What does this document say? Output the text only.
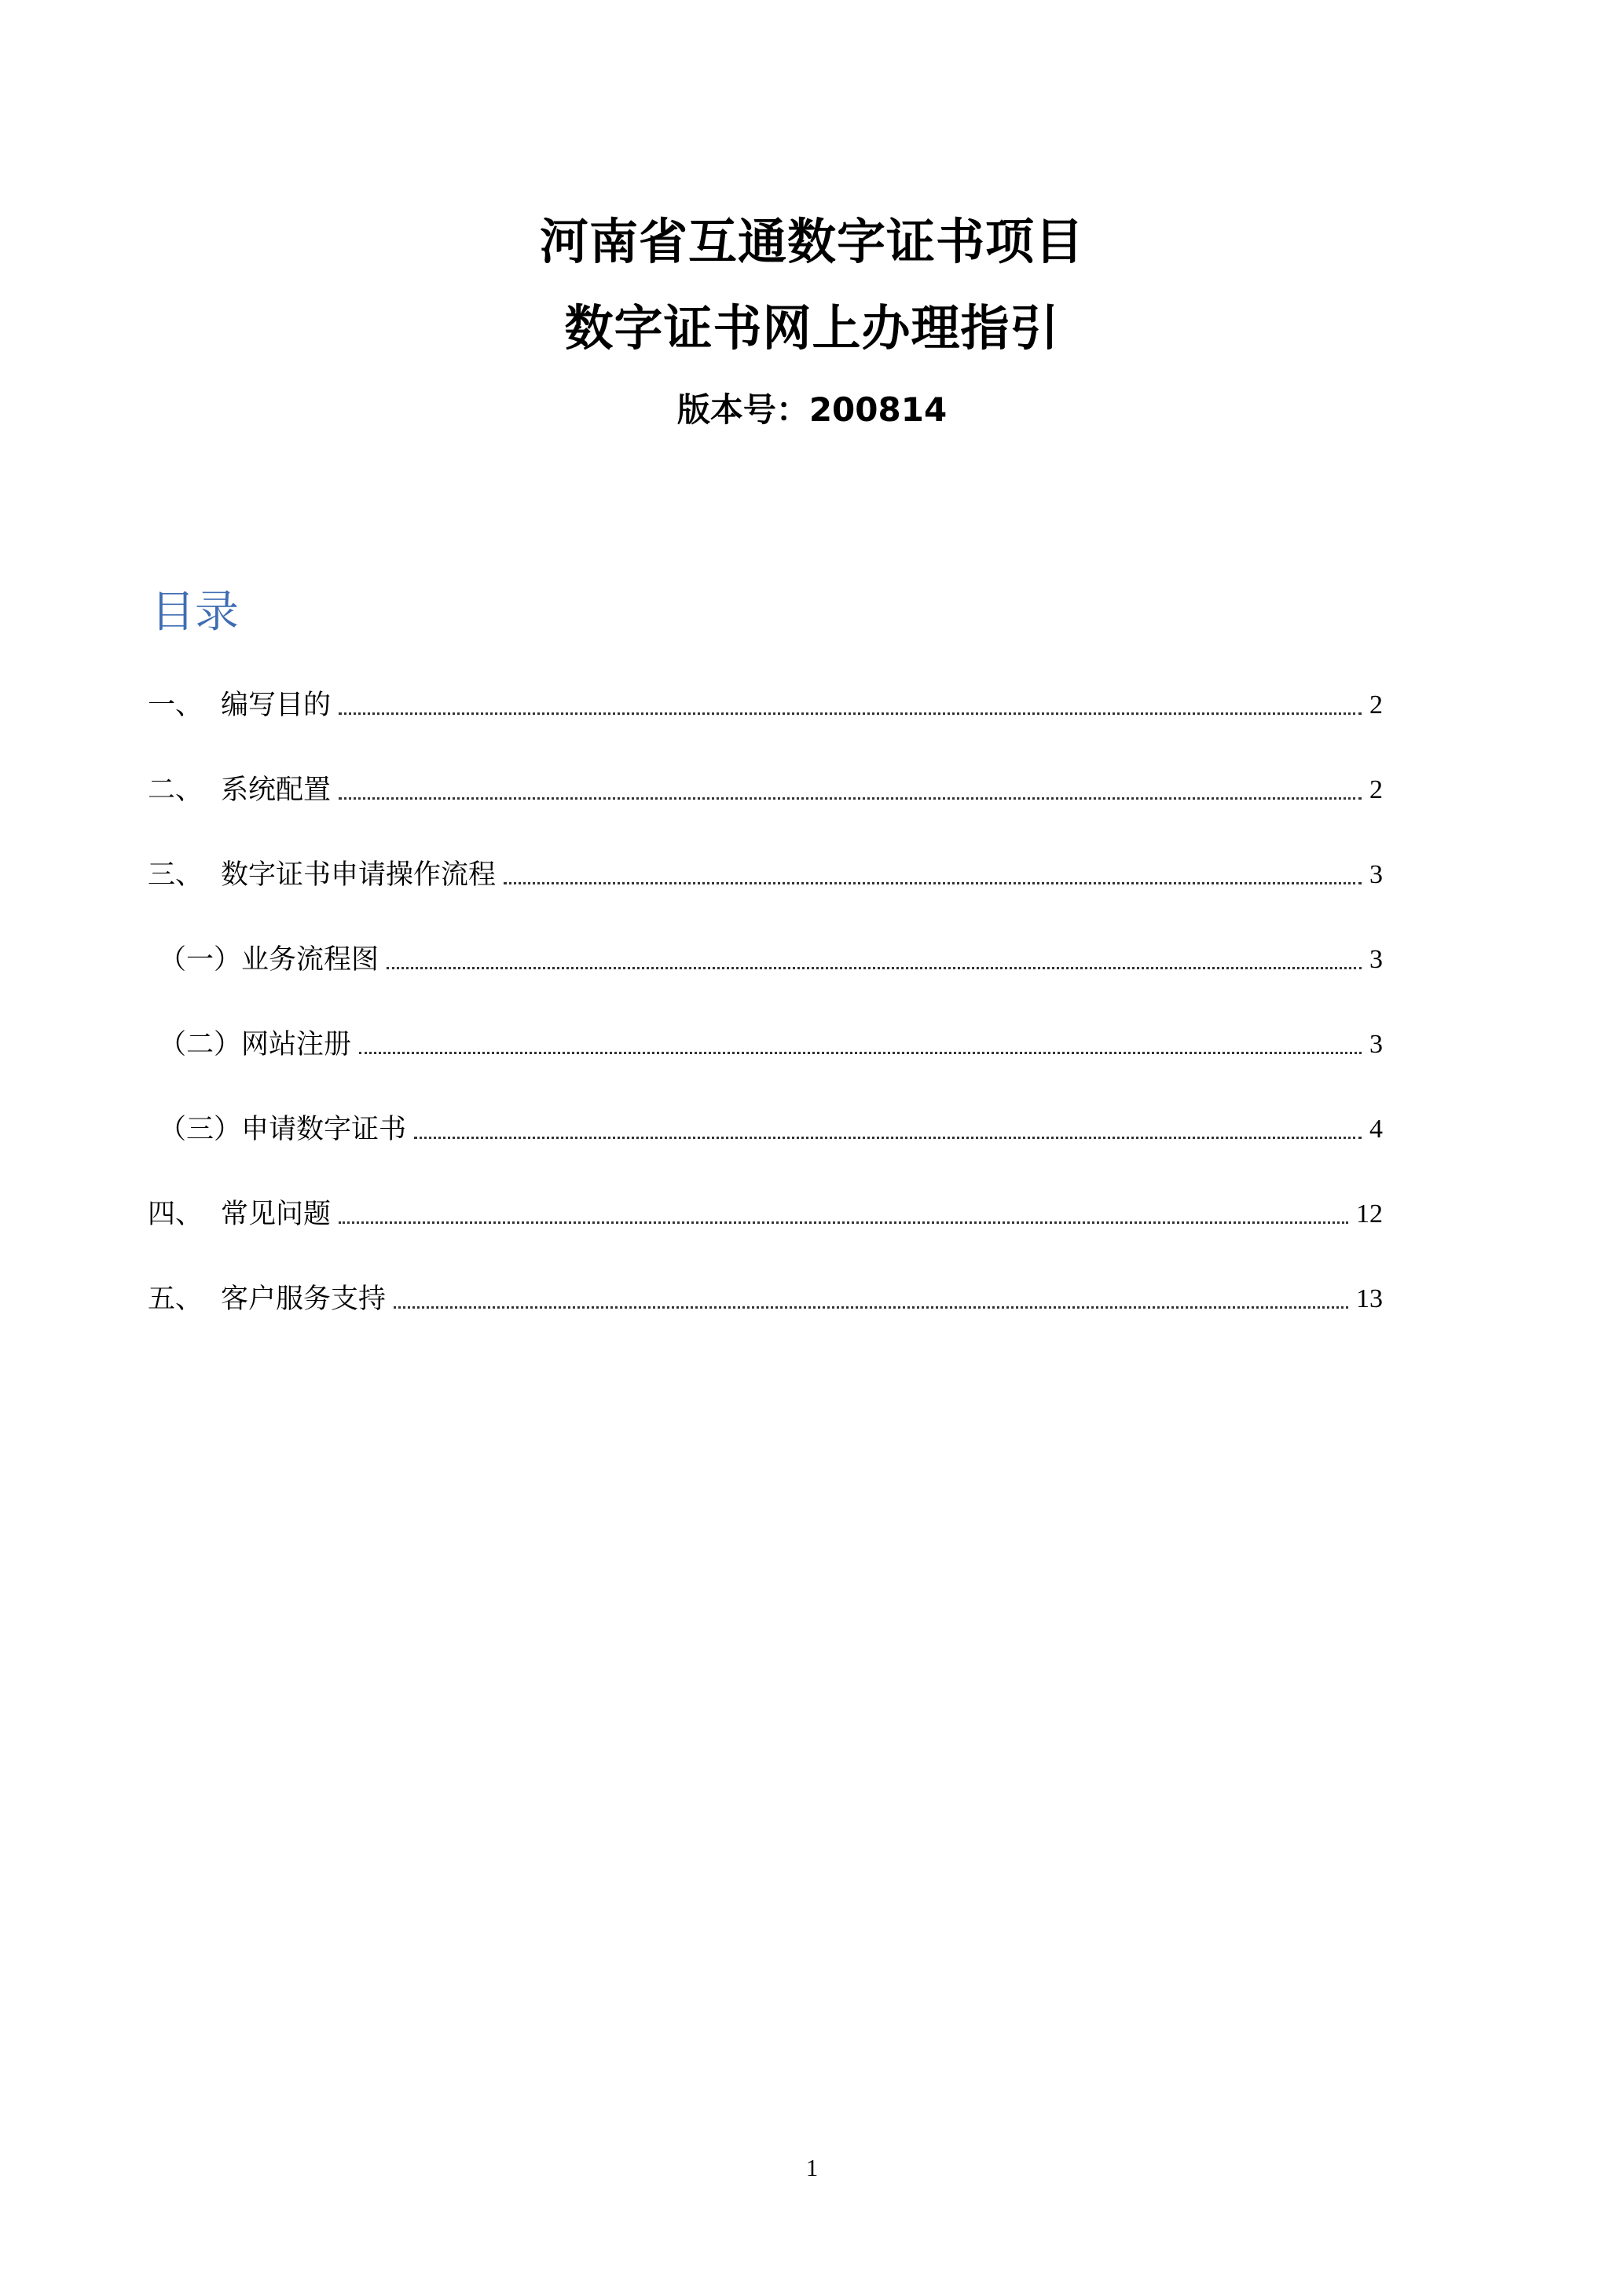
河南省互通数字证书项目
数字证书网上办理指引
版本号：200814
目录
一、 编写目的	2
二、 系统配置	2
三、 数字证书申请操作流程	3
（一） 业务流程图	3
（二） 网站注册	3
（三） 申请数字证书	4
四、 常见问题	12
五、 客户服务支持	13
1
